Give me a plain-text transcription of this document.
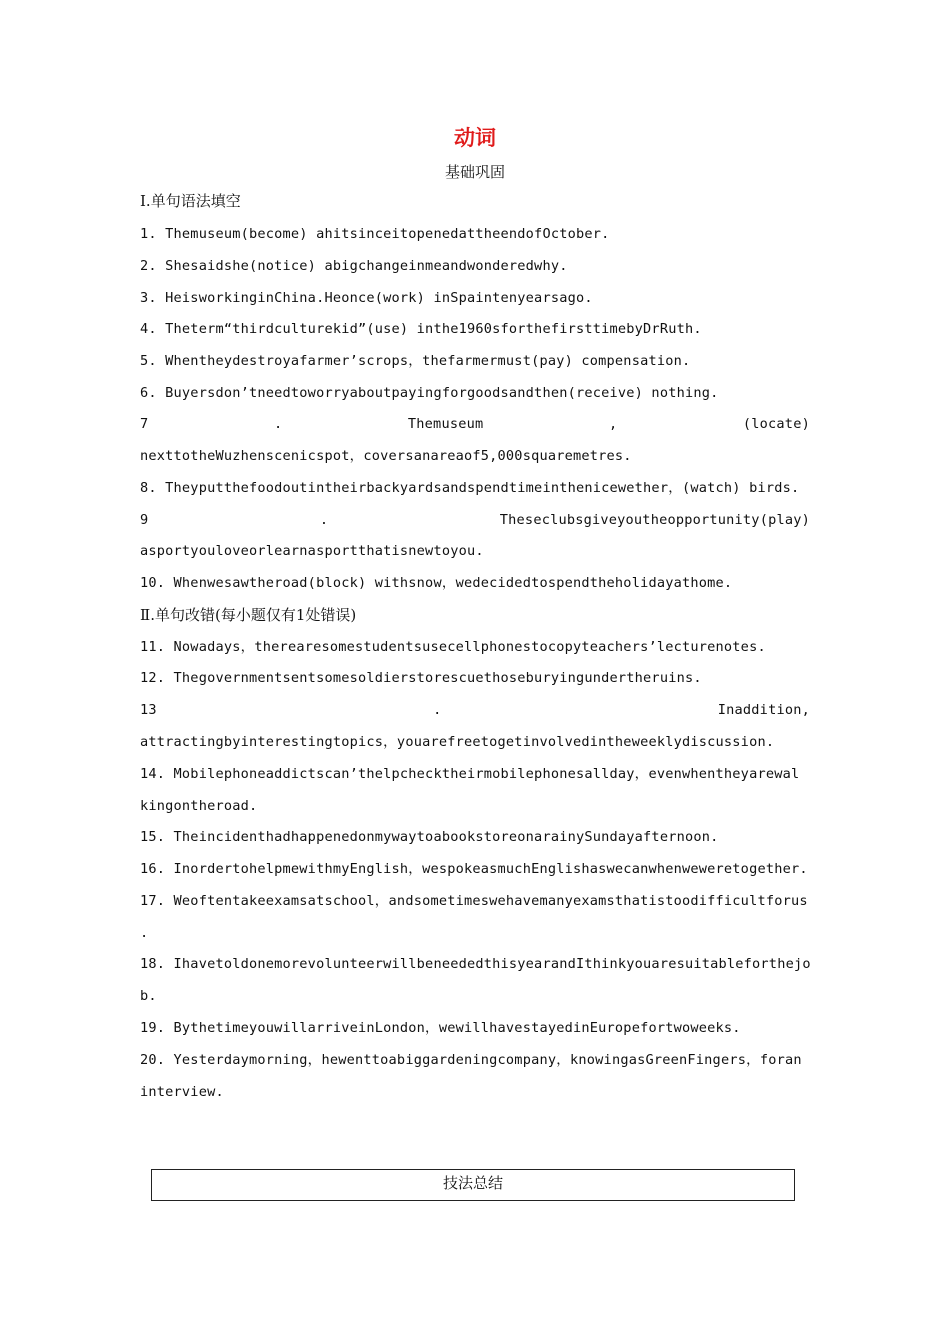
动词
基础巩固
Ⅰ.单句语法填空
1. Themuseum(become) ahitsinceitopenedattheendofOctober.
2. Shesaidshe(notice) abigchangeinmeandwonderedwhy.
3. HeisworkinginChina.Heonce(work) inSpaintenyearsago.
4. Theterm“thirdculturekid”(use) inthe1960sforthefirsttimebyDrRuth.
5. Whentheydestroyafarmer’scrops，thefarmermust(pay) compensation.
6. Buyersdon’tneedtoworryaboutpayingforgoodsandthen(receive) nothing.
7	.	Themuseum	,	(locate)
nexttotheWuzhenscenicspot，coversanareaof5,000squaremetres.
8. Theyputthefoodoutintheirbackyardsandspendtimeinthenicewether，(watch) birds.
9	.	Theseclubsgiveyoutheopportunity(play)
asportyouloveorlearnasportthatisnewtoyou.
10. Whenwesawtheroad(block) withsnow，wedecidedtospendtheholidayathome.
Ⅱ.单句改错(每小题仅有1处错误)
11. Nowadays，therearesomestudentsusecellphonestocopyteachers’lecturenotes.
12. Thegovernmentsentsomesoldierstorescuethoseburyingundertheruins.
13	.	Inaddition,
attractingbyinterestingtopics，youarefreetogetinvolvedintheweeklydiscussion.
14. Mobilephoneaddictscan’thelpchecktheirmobilephonesallday，evenwhentheyarewal
kingontheroad.
15. TheincidenthadhappenedonmywaytoabookstoreonarainySundayafternoon.
16. InordertohelpmewithmyEnglish，wespokeasmuchEnglishaswecanwhenweweretogether.
17. Weoftentakeexamsatschool，andsometimeswehavemanyexamsthatistoodifficultforus
.
18. IhavetoldonemorevolunteerwillbeneededthisyearandIthinkyouaresuitableforthejo
b.
19. BythetimeyouwillarriveinLondon，wewillhavestayedinEuropefortwoweeks.
20. Yesterdaymorning，hewenttoabiggardeningcompany，knowingasGreenFingers，foran
interview.
技法总结
